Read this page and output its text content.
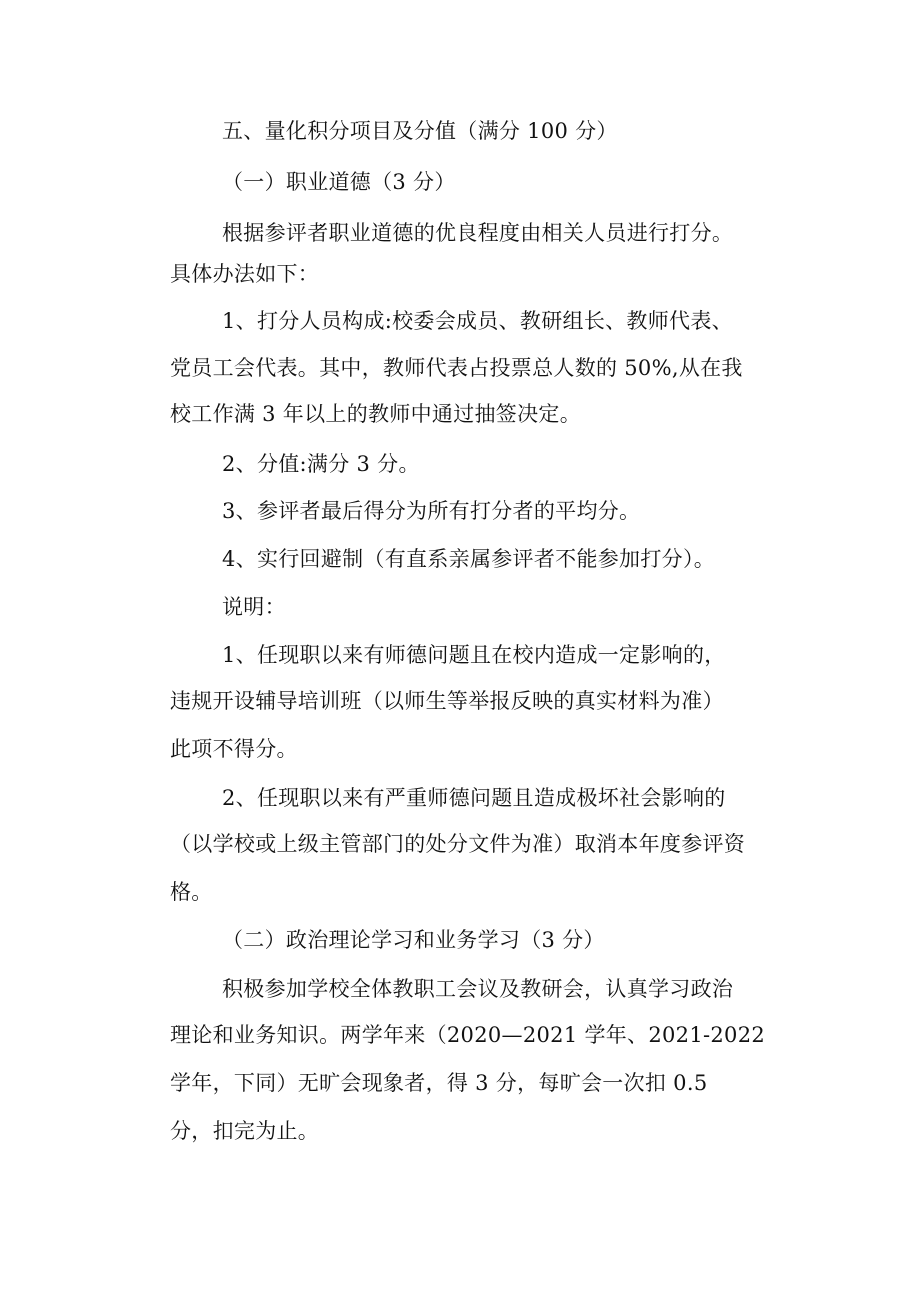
五、量化积分项目及分值（满分 100 分）

（一）职业道德（3 分）

根据参评者职业道德的优良程度由相关人员进行打分。

具体办法如下：

1、打分人员构成:校委会成员、教研组长、教师代表、

党员工会代表。其中，教师代表占投票总人数的 50%,从在我

校工作满 3 年以上的教师中通过抽签决定。

2、分值:满分 3 分。

3、参评者最后得分为所有打分者的平均分。

4、实行回避制（有直系亲属参评者不能参加打分）。

说明：

1、任现职以来有师德问题且在校内造成一定影响的，

违规开设辅导培训班（以师生等举报反映的真实材料为准）

此项不得分。

2、任现职以来有严重师德问题且造成极坏社会影响的

（以学校或上级主管部门的处分文件为准）取消本年度参评资

格。

（二）政治理论学习和业务学习（3 分）

积极参加学校全体教职工会议及教研会，认真学习政治

理论和业务知识。两学年来（2020—2021 学年、2021-2022

学年，下同）无旷会现象者，得 3 分，每旷会一次扣 0.5

分，扣完为止。
